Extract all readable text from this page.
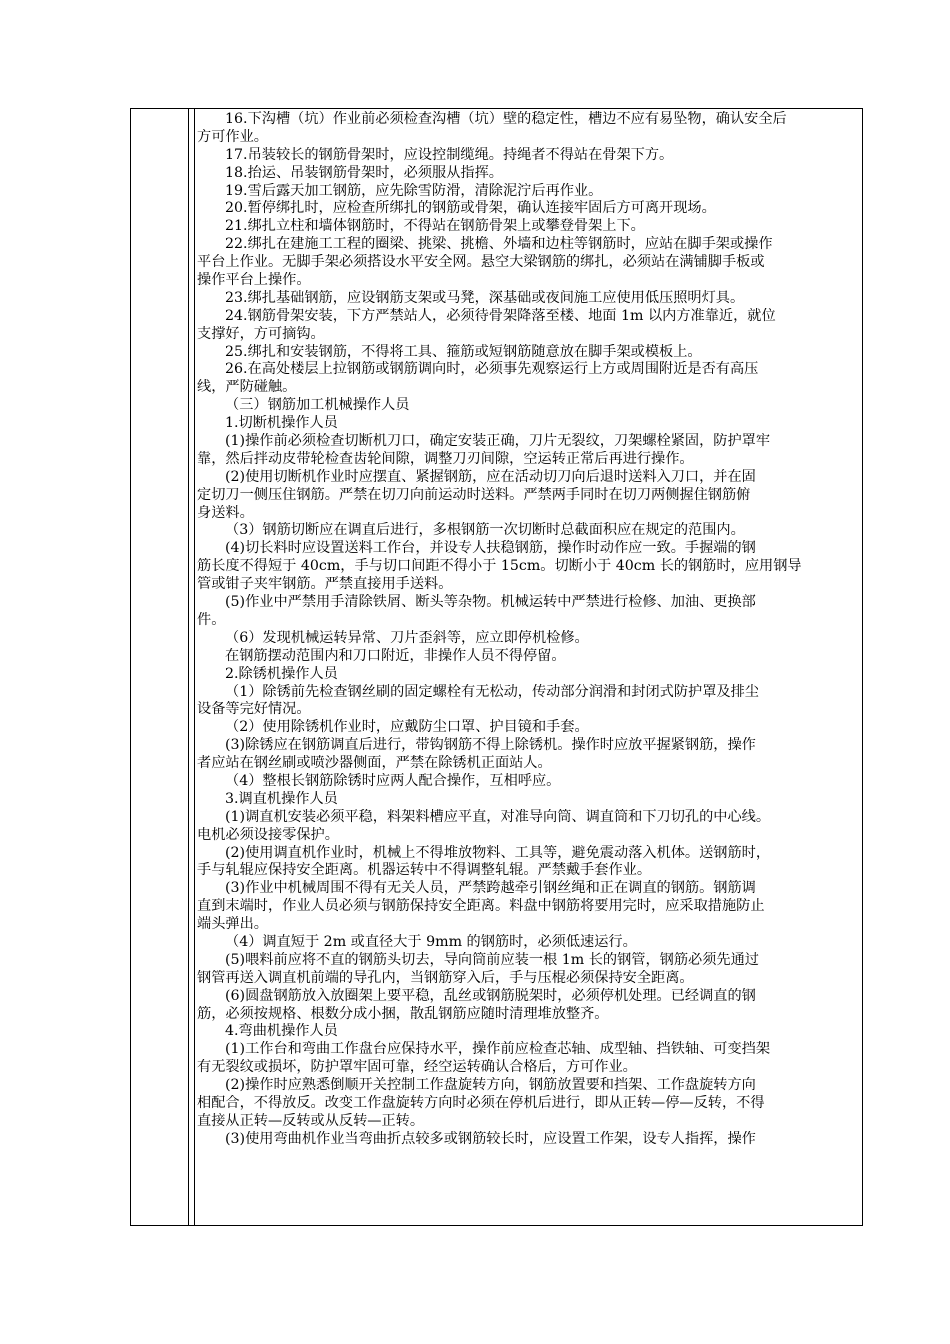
16.下沟槽（坑）作业前必须检查沟槽（坑）壁的稳定性，槽边不应有易坠物，确认安全后
方可作业。
17.吊装较长的钢筋骨架时，应设控制缆绳。持绳者不得站在骨架下方。
18.抬运、吊装钢筋骨架时，必须服从指挥。
19.雪后露天加工钢筋，应先除雪防滑，清除泥泞后再作业。
20.暂停绑扎时，应检查所绑扎的钢筋或骨架，确认连接牢固后方可离开现场。
21.绑扎立柱和墙体钢筋时，不得站在钢筋骨架上或攀登骨架上下。
22.绑扎在建施工工程的圈梁、挑梁、挑檐、外墙和边柱等钢筋时，应站在脚手架或操作
平台上作业。无脚手架必须搭设水平安全网。悬空大梁钢筋的绑扎，必须站在满铺脚手板或
操作平台上操作。
23.绑扎基础钢筋，应设钢筋支架或马凳，深基础或夜间施工应使用低压照明灯具。
24.钢筋骨架安装，下方严禁站人，必须待骨架降落至楼、地面 1m 以内方准靠近，就位
支撑好，方可摘钩。
25.绑扎和安装钢筋，不得将工具、箍筋或短钢筋随意放在脚手架或模板上。
26.在高处楼层上拉钢筋或钢筋调向时，必须事先观察运行上方或周围附近是否有高压
线，严防碰触。
（三）钢筋加工机械操作人员
1.切断机操作人员
(1)操作前必须检查切断机刀口，确定安装正确，刀片无裂纹，刀架螺栓紧固，防护罩牢
靠，然后拌动皮带轮检查齿轮间隙，调整刀刃间隙，空运转正常后再进行操作。
(2)使用切断机作业时应摆直、紧握钢筋，应在活动切刀向后退时送料入刀口，并在固
定切刀一侧压住钢筋。严禁在切刀向前运动时送料。严禁两手同时在切刀两侧握住钢筋俯
身送料。
（3）钢筋切断应在调直后进行，多根钢筋一次切断时总截面积应在规定的范围内。
(4)切长料时应设置送料工作台，并设专人扶稳钢筋，操作时动作应一致。手握端的钢
筋长度不得短于 40cm，手与切口间距不得小于 15cm。切断小于 40cm 长的钢筋时，应用钢导
管或钳子夹牢钢筋。严禁直接用手送料。
(5)作业中严禁用手清除铁屑、断头等杂物。机械运转中严禁进行检修、加油、更换部
件。
（6）发现机械运转异常、刀片歪斜等，应立即停机检修。
在钢筋摆动范围内和刀口附近，非操作人员不得停留。
2.除锈机操作人员
（1）除锈前先检查钢丝刷的固定螺栓有无松动，传动部分润滑和封闭式防护罩及排尘
设备等完好情况。
（2）使用除锈机作业时，应戴防尘口罩、护目镜和手套。
(3)除锈应在钢筋调直后进行，带钩钢筋不得上除锈机。操作时应放平握紧钢筋，操作
者应站在钢丝刷或喷沙器侧面，严禁在除锈机正面站人。
（4）整根长钢筋除锈时应两人配合操作，互相呼应。
3.调直机操作人员
(1)调直机安装必须平稳，料架料槽应平直，对准导向筒、调直筒和下刀切孔的中心线。
电机必须设接零保护。
(2)使用调直机作业时，机械上不得堆放物料、工具等，避免震动落入机体。送钢筋时，
手与轧辊应保持安全距离。机器运转中不得调整轧辊。严禁戴手套作业。
(3)作业中机械周围不得有无关人员，严禁跨越牵引钢丝绳和正在调直的钢筋。钢筋调
直到末端时，作业人员必须与钢筋保持安全距离。料盘中钢筋将要用完时，应采取措施防止
端头弹出。
（4）调直短于 2m 或直径大于 9mm 的钢筋时，必须低速运行。
(5)喂料前应将不直的钢筋头切去，导向筒前应装一根 1m 长的钢管，钢筋必须先通过
钢管再送入调直机前端的导孔内，当钢筋穿入后，手与压棍必须保持安全距离。
(6)圆盘钢筋放入放圈架上要平稳，乱丝或钢筋脱架时，必须停机处理。已经调直的钢
筋，必须按规格、根数分成小捆，散乱钢筋应随时清理堆放整齐。
4.弯曲机操作人员
(1)工作台和弯曲工作盘台应保持水平，操作前应检查芯轴、成型轴、挡铁轴、可变挡架
有无裂纹或损坏，防护罩牢固可靠，经空运转确认合格后，方可作业。
(2)操作时应熟悉倒顺开关控制工作盘旋转方向，钢筋放置要和挡架、工作盘旋转方向
相配合，不得放反。改变工作盘旋转方向时必须在停机后进行，即从正转—停—反转，不得
直接从正转—反转或从反转—正转。
(3)使用弯曲机作业当弯曲折点较多或钢筋较长时，应设置工作架，设专人指挥，操作
